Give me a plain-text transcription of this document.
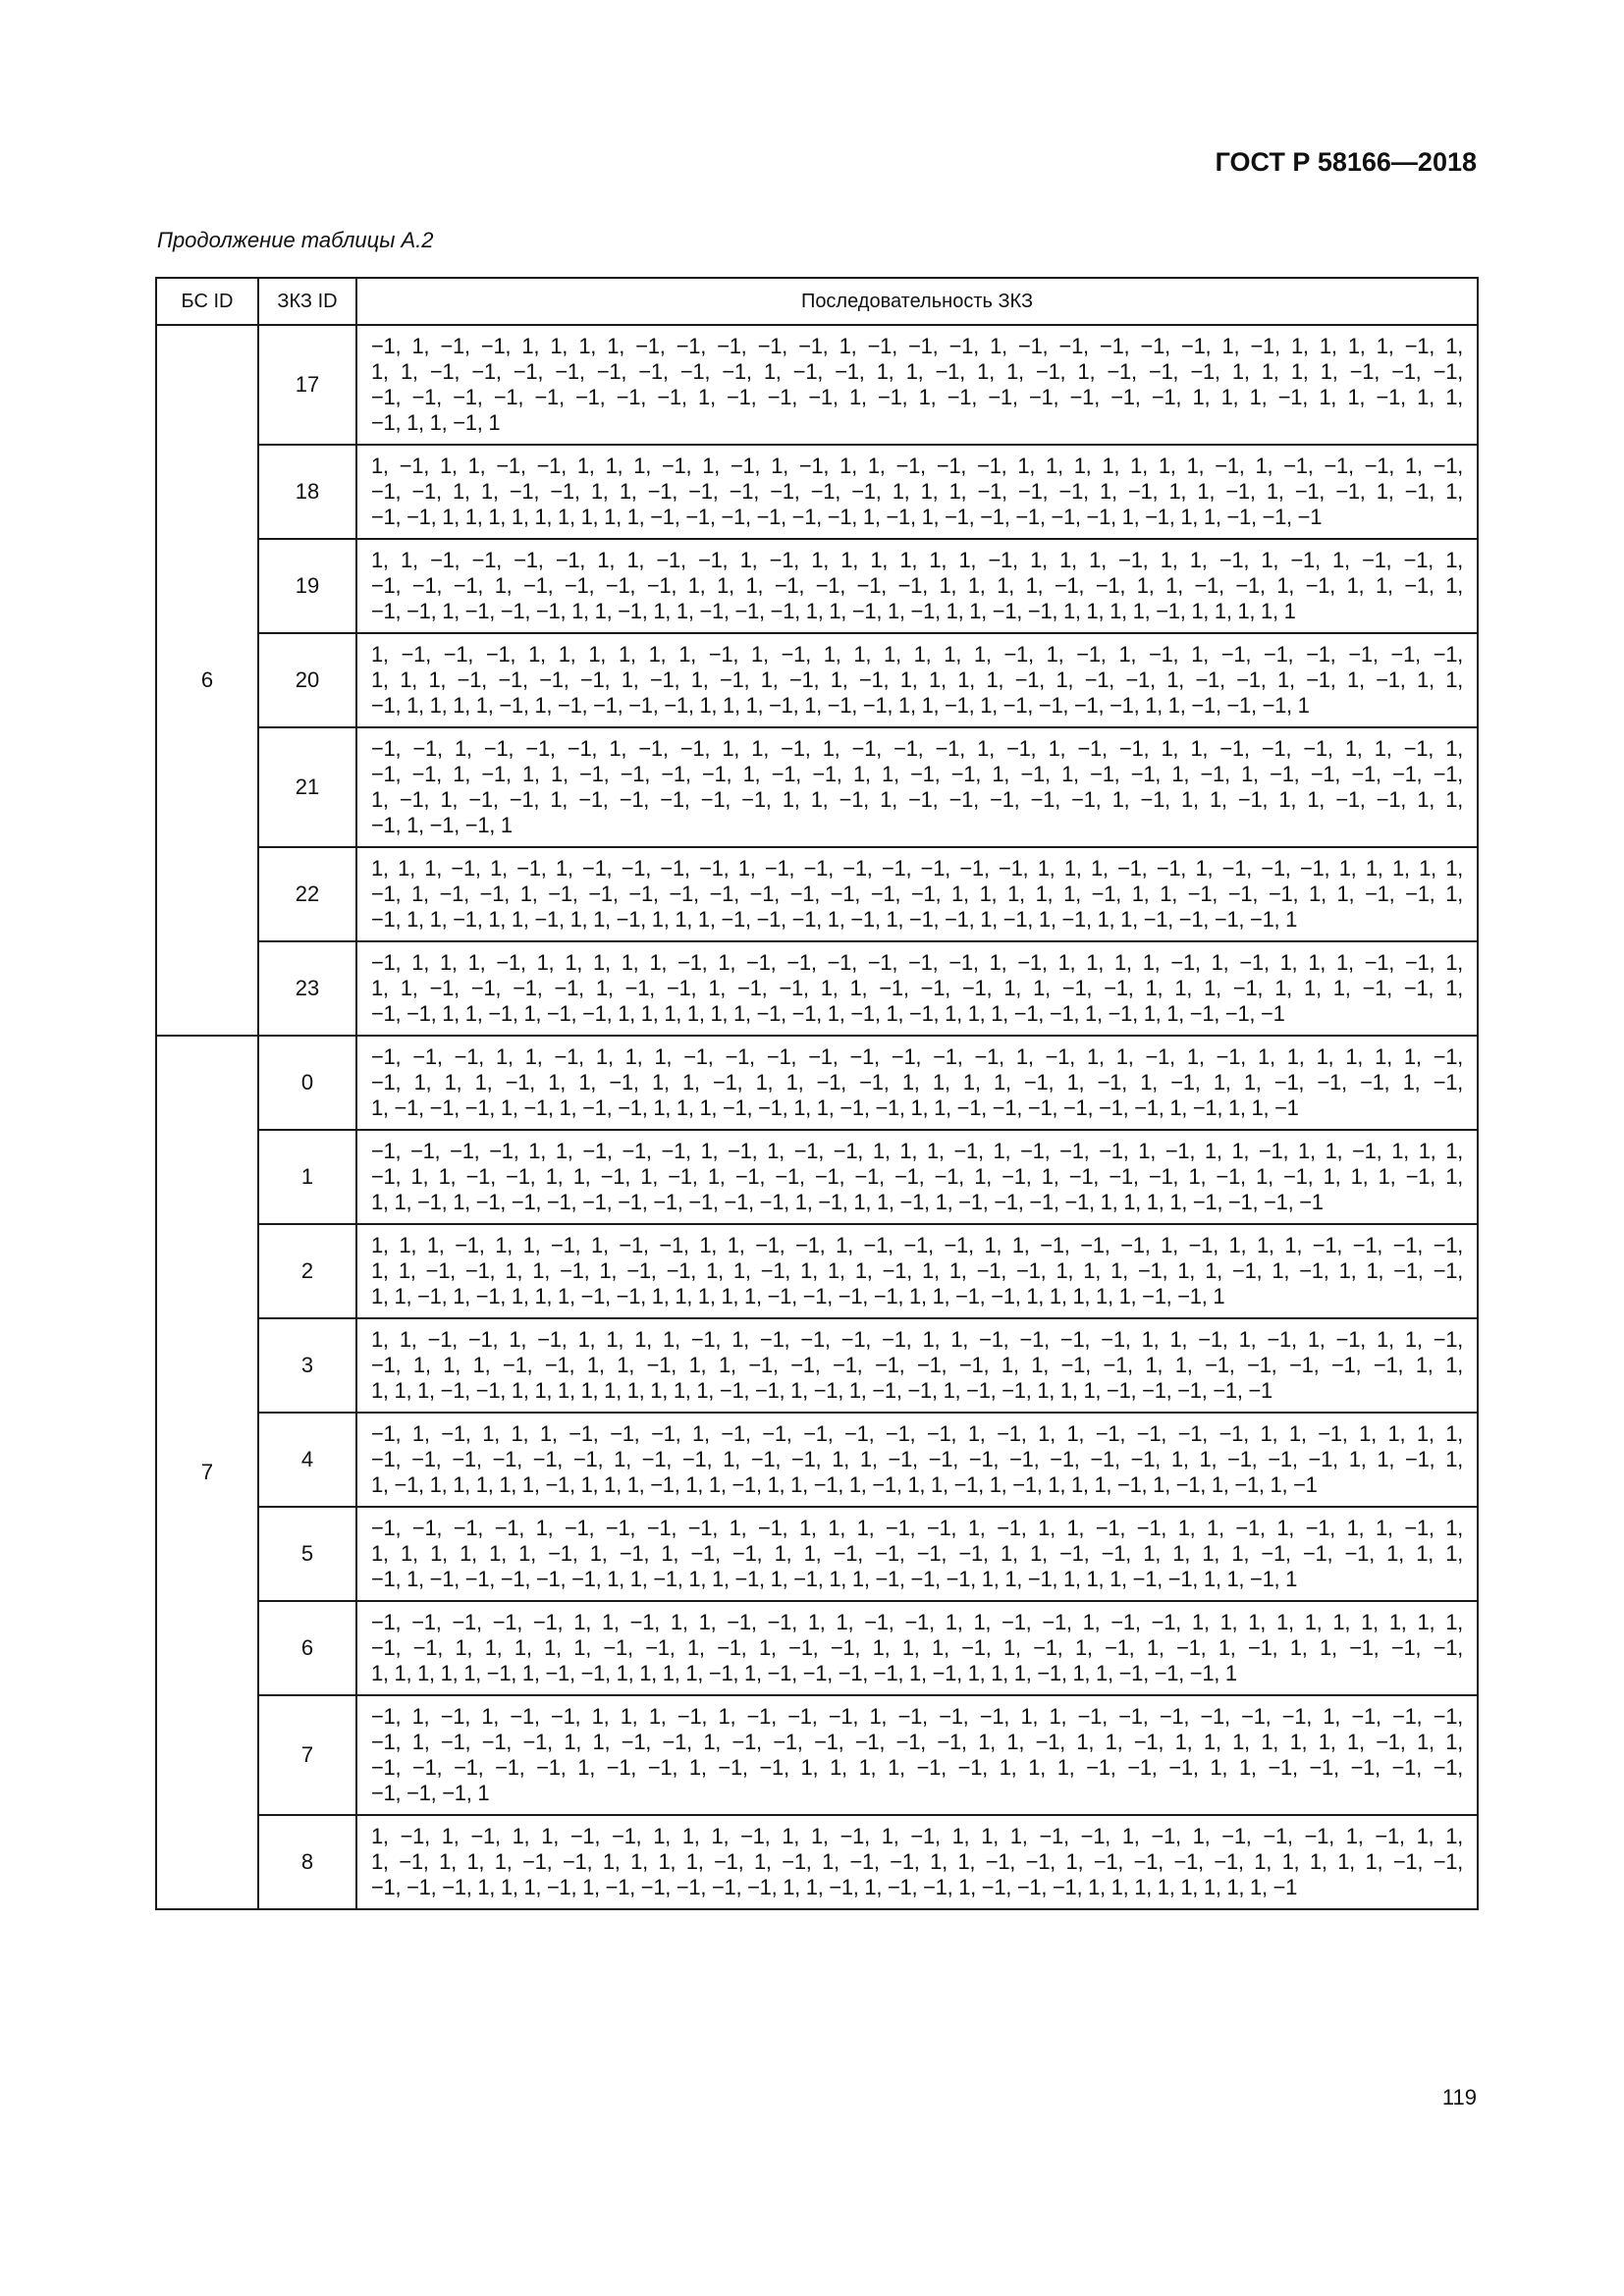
ГОСТ Р 58166—2018
Продолжение таблицы А.2
БС ID	ЗКЗ ID	Последовательность ЗКЗ
6	17	−1, 1, −1, −1, 1, 1, 1, 1, −1, −1, −1, −1, −1, 1, −1, −1, −1, 1, −1, −1, −1, −1, −1, 1, −1, 1, 1, 1, 1, −1, 1,
1, 1, −1, −1, −1, −1, −1, −1, −1, −1, 1, −1, −1, 1, 1, −1, 1, 1, −1, 1, −1, −1, −1, 1, 1, 1, 1, −1, −1, −1,
−1, −1, −1, −1, −1, −1, −1, −1, 1, −1, −1, −1, 1, −1, 1, −1, −1, −1, −1, −1, −1, 1, 1, 1, −1, 1, 1, −1, 1, 1,
−1, 1, 1, −1, 1

	18	1, −1, 1, 1, −1, −1, 1, 1, 1, −1, 1, −1, 1, −1, 1, 1, −1, −1, −1, 1, 1, 1, 1, 1, 1, 1, −1, 1, −1, −1, −1, 1, −1,
−1, −1, 1, 1, −1, −1, 1, 1, −1, −1, −1, −1, −1, −1, 1, 1, 1, −1, −1, −1, 1, −1, 1, 1, −1, 1, −1, −1, 1, −1, 1,
−1, −1, 1, 1, 1, 1, 1, 1, 1, 1, 1, −1, −1, −1, −1, −1, −1, 1, −1, 1, −1, −1, −1, −1, −1, 1, −1, 1, 1, −1, −1, −1

	19	1, 1, −1, −1, −1, −1, 1, 1, −1, −1, 1, −1, 1, 1, 1, 1, 1, 1, −1, 1, 1, 1, −1, 1, 1, −1, 1, −1, 1, −1, −1, 1,
−1, −1, −1, 1, −1, −1, −1, −1, 1, 1, 1, −1, −1, −1, −1, 1, 1, 1, 1, −1, −1, 1, 1, −1, −1, 1, −1, 1, 1, −1, 1,
−1, −1, 1, −1, −1, −1, 1, 1, −1, 1, 1, −1, −1, −1, 1, 1, −1, 1, −1, 1, 1, −1, −1, 1, 1, 1, 1, −1, 1, 1, 1, 1, 1

	20	1, −1, −1, −1, 1, 1, 1, 1, 1, 1, −1, 1, −1, 1, 1, 1, 1, 1, 1, −1, 1, −1, 1, −1, 1, −1, −1, −1, −1, −1, −1,
1, 1, 1, −1, −1, −1, −1, 1, −1, 1, −1, 1, −1, 1, −1, 1, 1, 1, 1, −1, 1, −1, −1, 1, −1, −1, 1, −1, 1, −1, 1, 1,
−1, 1, 1, 1, 1, −1, 1, −1, −1, −1, −1, 1, 1, 1, −1, 1, −1, −1, 1, 1, −1, 1, −1, −1, −1, −1, 1, 1, −1, −1, −1, 1

	21	−1, −1, 1, −1, −1, −1, 1, −1, −1, 1, 1, −1, 1, −1, −1, −1, 1, −1, 1, −1, −1, 1, 1, −1, −1, −1, 1, 1, −1, 1,
−1, −1, 1, −1, 1, 1, −1, −1, −1, −1, 1, −1, −1, 1, 1, −1, −1, 1, −1, 1, −1, −1, 1, −1, 1, −1, −1, −1, −1, −1,
1, −1, 1, −1, −1, 1, −1, −1, −1, −1, −1, 1, 1, −1, 1, −1, −1, −1, −1, −1, 1, −1, 1, 1, −1, 1, 1, −1, −1, 1, 1,
−1, 1, −1, −1, 1

	22	1, 1, 1, −1, 1, −1, 1, −1, −1, −1, −1, 1, −1, −1, −1, −1, −1, −1, −1, 1, 1, 1, −1, −1, 1, −1, −1, −1, 1, 1, 1, 1, 1,
−1, 1, −1, −1, 1, −1, −1, −1, −1, −1, −1, −1, −1, −1, −1, 1, 1, 1, 1, 1, −1, 1, 1, −1, −1, −1, 1, 1, −1, −1, 1,
−1, 1, 1, −1, 1, 1, −1, 1, 1, −1, 1, 1, 1, −1, −1, −1, 1, −1, 1, −1, −1, 1, −1, 1, −1, 1, 1, −1, −1, −1, −1, 1

	23	−1, 1, 1, 1, −1, 1, 1, 1, 1, 1, −1, 1, −1, −1, −1, −1, −1, −1, 1, −1, 1, 1, 1, 1, −1, 1, −1, 1, 1, 1, −1, −1, 1,
1, 1, −1, −1, −1, −1, 1, −1, −1, 1, −1, −1, 1, 1, −1, −1, −1, 1, 1, −1, −1, 1, 1, 1, −1, 1, 1, 1, −1, −1, 1,
−1, −1, 1, 1, −1, 1, −1, −1, 1, 1, 1, 1, 1, 1, −1, −1, 1, −1, 1, −1, 1, 1, 1, −1, −1, 1, −1, 1, 1, −1, −1, −1

7	0	−1, −1, −1, 1, 1, −1, 1, 1, 1, −1, −1, −1, −1, −1, −1, −1, −1, 1, −1, 1, 1, −1, 1, −1, 1, 1, 1, 1, 1, 1, −1,
−1, 1, 1, 1, −1, 1, 1, −1, 1, 1, −1, 1, 1, −1, −1, 1, 1, 1, 1, −1, 1, −1, 1, −1, 1, 1, −1, −1, −1, 1, −1,
1, −1, −1, −1, 1, −1, 1, −1, −1, 1, 1, 1, −1, −1, 1, 1, −1, −1, 1, 1, −1, −1, −1, −1, −1, −1, 1, −1, 1, 1, −1

	1	−1, −1, −1, −1, 1, 1, −1, −1, −1, 1, −1, 1, −1, −1, 1, 1, 1, −1, 1, −1, −1, −1, 1, −1, 1, 1, −1, 1, 1, −1, 1, 1, 1,
−1, 1, 1, −1, −1, 1, 1, −1, 1, −1, 1, −1, −1, −1, −1, −1, −1, 1, −1, 1, −1, −1, −1, 1, −1, 1, −1, 1, 1, 1, −1, 1,
1, 1, −1, 1, −1, −1, −1, −1, −1, −1, −1, −1, −1, 1, −1, 1, 1, −1, 1, −1, −1, −1, −1, 1, 1, 1, 1, −1, −1, −1, −1

	2	1, 1, 1, −1, 1, 1, −1, 1, −1, −1, 1, 1, −1, −1, 1, −1, −1, −1, 1, 1, −1, −1, −1, 1, −1, 1, 1, 1, −1, −1, −1, −1,
1, 1, −1, −1, 1, 1, −1, 1, −1, −1, 1, 1, −1, 1, 1, 1, −1, 1, 1, −1, −1, 1, 1, 1, −1, 1, 1, −1, 1, −1, 1, 1, −1, −1,
1, 1, −1, 1, −1, 1, 1, 1, −1, −1, 1, 1, 1, 1, 1, −1, −1, −1, −1, 1, 1, −1, −1, 1, 1, 1, 1, 1, −1, −1, 1

	3	1, 1, −1, −1, 1, −1, 1, 1, 1, 1, −1, 1, −1, −1, −1, −1, 1, 1, −1, −1, −1, −1, 1, 1, −1, 1, −1, 1, −1, 1, 1, −1,
−1, 1, 1, 1, −1, −1, 1, 1, −1, 1, 1, −1, −1, −1, −1, −1, −1, 1, 1, −1, −1, 1, 1, −1, −1, −1, −1, −1, 1, 1,
1, 1, 1, −1, −1, 1, 1, 1, 1, 1, 1, 1, 1, 1, −1, −1, 1, −1, 1, −1, −1, 1, −1, −1, 1, 1, 1, −1, −1, −1, −1, −1

	4	−1, 1, −1, 1, 1, 1, −1, −1, −1, 1, −1, −1, −1, −1, −1, −1, 1, −1, 1, 1, −1, −1, −1, −1, 1, 1, −1, 1, 1, 1, 1,
−1, −1, −1, −1, −1, −1, 1, −1, −1, 1, −1, −1, 1, 1, −1, −1, −1, −1, −1, −1, −1, 1, 1, −1, −1, −1, 1, 1, −1, 1,
1, −1, 1, 1, 1, 1, 1, −1, 1, 1, 1, −1, 1, 1, −1, 1, 1, −1, 1, −1, 1, 1, −1, 1, −1, 1, 1, 1, −1, 1, −1, 1, −1, 1, −1

	5	−1, −1, −1, −1, 1, −1, −1, −1, −1, 1, −1, 1, 1, 1, −1, −1, 1, −1, 1, 1, −1, −1, 1, 1, −1, 1, −1, 1, 1, −1, 1,
1, 1, 1, 1, 1, 1, −1, 1, −1, 1, −1, −1, 1, 1, −1, −1, −1, −1, 1, 1, −1, −1, 1, 1, 1, 1, −1, −1, −1, 1, 1, 1,
−1, 1, −1, −1, −1, −1, −1, 1, 1, −1, 1, 1, −1, 1, −1, 1, 1, −1, −1, −1, 1, 1, −1, 1, 1, 1, −1, −1, 1, 1, −1, 1

	6	−1, −1, −1, −1, −1, 1, 1, −1, 1, 1, −1, −1, 1, 1, −1, −1, 1, 1, −1, −1, 1, −1, −1, 1, 1, 1, 1, 1, 1, 1, 1, 1, 1,
−1, −1, 1, 1, 1, 1, 1, −1, −1, 1, −1, 1, −1, −1, 1, 1, 1, −1, 1, −1, 1, −1, 1, −1, 1, −1, 1, 1, −1, −1, −1,
1, 1, 1, 1, 1, −1, 1, −1, −1, 1, 1, 1, 1, −1, 1, −1, −1, −1, −1, 1, −1, 1, 1, 1, −1, 1, 1, −1, −1, −1, 1

	7	−1, 1, −1, 1, −1, −1, 1, 1, 1, −1, 1, −1, −1, −1, 1, −1, −1, −1, 1, 1, −1, −1, −1, −1, −1, −1, 1, −1, −1, −1,
−1, 1, −1, −1, −1, 1, 1, −1, −1, 1, −1, −1, −1, −1, −1, −1, 1, 1, −1, 1, 1, −1, 1, 1, 1, 1, 1, 1, 1, −1, 1, 1,
−1, −1, −1, −1, −1, 1, −1, −1, 1, −1, −1, 1, 1, 1, 1, −1, −1, 1, 1, 1, −1, −1, −1, 1, 1, −1, −1, −1, −1, −1,
−1, −1, −1, 1

	8	1, −1, 1, −1, 1, 1, −1, −1, 1, 1, 1, −1, 1, 1, −1, 1, −1, 1, 1, 1, −1, −1, 1, −1, 1, −1, −1, −1, 1, −1, 1, 1,
1, −1, 1, 1, 1, −1, −1, 1, 1, 1, 1, −1, 1, −1, 1, −1, −1, 1, 1, −1, −1, 1, −1, −1, −1, −1, 1, 1, 1, 1, 1, −1, −1,
−1, −1, −1, 1, 1, 1, −1, 1, −1, −1, −1, −1, −1, 1, 1, −1, 1, −1, −1, 1, −1, −1, −1, 1, 1, 1, 1, 1, 1, 1, 1, −1
119
